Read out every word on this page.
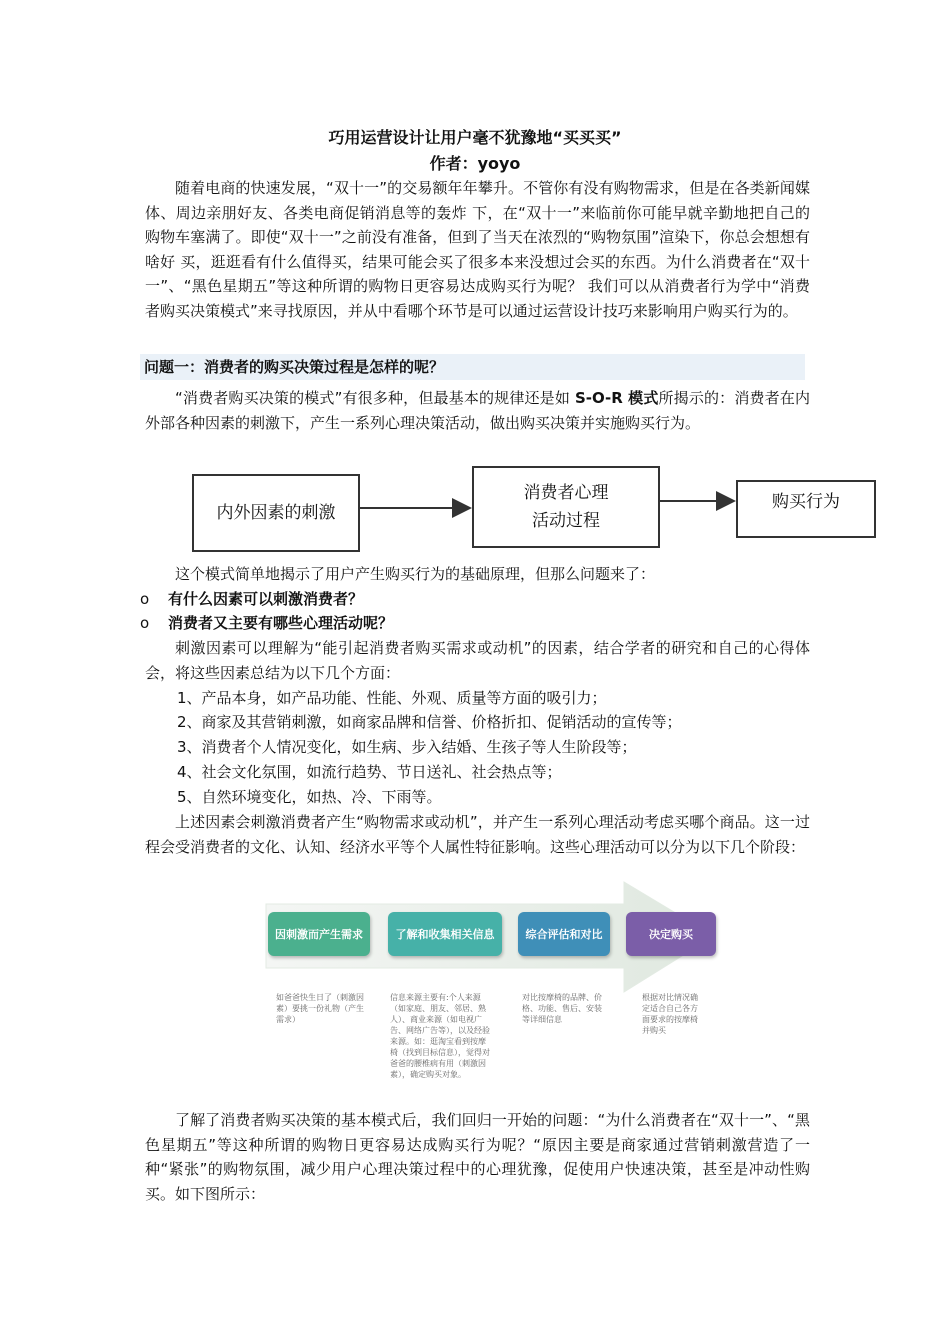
巧用运营设计让用户毫不犹豫地“买买买”
作者：yoyo

随着电商的快速发展，“双十一”的交易额年年攀升。不管你有没有购物需求，但是在各类新闻媒体、周边亲朋好友、各类电商促销消息等的轰炸 下，在“双十一”来临前你可能早就辛勤地把自己的购物车塞满了。即使“双十一”之前没有准备，但到了当天在浓烈的“购物氛围”渲染下，你总会想想有啥好 买，逛逛看有什么值得买，结果可能会买了很多本来没想过会买的东西。为什么消费者在“双十一”、“黑色星期五”等这种所谓的购物日更容易达成购买行为呢？ 我们可以从消费者行为学中“消费者购买决策模式”来寻找原因，并从中看哪个环节是可以通过运营设计技巧来影响用户购买行为的。

问题一：消费者的购买决策过程是怎样的呢？

“消费者购买决策的模式”有很多种，但最基本的规律还是如 S-O-R 模式所揭示的：消费者在内外部各种因素的刺激下，产生一系列心理决策活动，做出购买决策并实施购买行为。

内外因素的刺激
消费者心理
活动过程
购买行为

这个模式简单地揭示了用户产生购买行为的基础原理，但那么问题来了：

o 有什么因素可以刺激消费者？
o 消费者又主要有哪些心理活动呢？

刺激因素可以理解为“能引起消费者购买需求或动机”的因素，结合学者的研究和自己的心得体会，将这些因素总结为以下几个方面：

1、产品本身，如产品功能、性能、外观、质量等方面的吸引力；
2、商家及其营销刺激，如商家品牌和信誉、价格折扣、促销活动的宣传等；
3、消费者个人情况变化，如生病、步入结婚、生孩子等人生阶段等；
4、社会文化氛围，如流行趋势、节日送礼、社会热点等；
5、自然环境变化，如热、冷、下雨等。

上述因素会刺激消费者产生“购物需求或动机”，并产生一系列心理活动考虑买哪个商品。这一过程会受消费者的文化、认知、经济水平等个人属性特征影响。这些心理活动可以分为以下几个阶段：

因刺激而产生需求	了解和收集相关信息	综合评估和对比	决定购买
如爸爸快生日了（刺激因素）要挑一份礼物（产生需求）
信息来源主要有:个人来源（如家庭、朋友、邻居、熟人）、商业来源（如电视广告、网络广告等），以及经验来源。如：逛淘宝看到按摩椅（找到目标信息），觉得对爸爸的腰椎病有用（刺激因素），确定购买对象。
对比按摩椅的品牌、价格、功能、售后、安装等详细信息
根据对比情况确定适合自己各方面要求的按摩椅并购买

了解了消费者购买决策的基本模式后，我们回归一开始的问题：“为什么消费者在“双十一”、“黑色星期五”等这种所谓的购物日更容易达成购买行为呢？“原因主要是商家通过营销刺激营造了一种“紧张”的购物氛围，减少用户心理决策过程中的心理犹豫，促使用户快速决策，甚至是冲动性购买。如下图所示：
